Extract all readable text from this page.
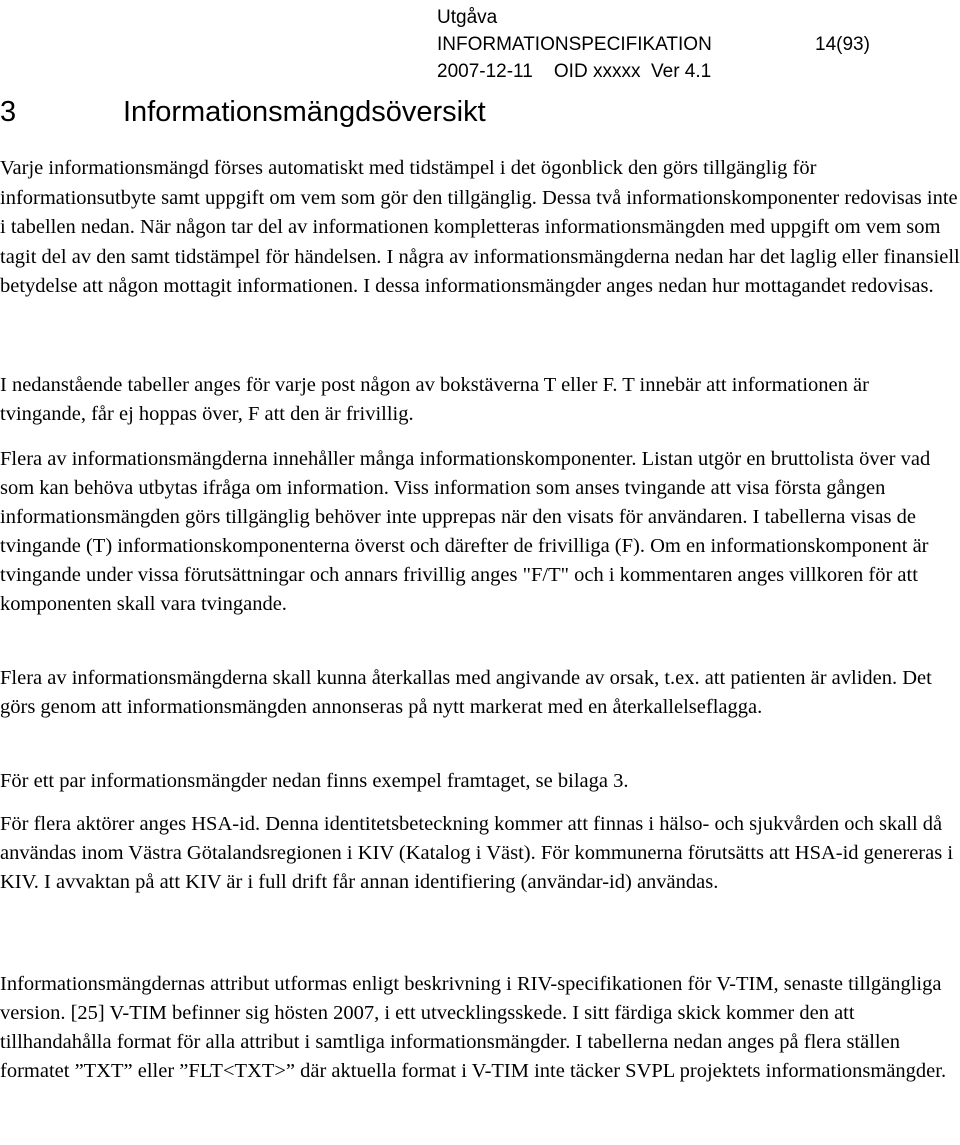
Utgåva
INFORMATIONSPECIFIKATION	14(93)
2007-12-11    OID xxxxx  Ver 4.1
3	Informationsmängdsöversikt

Varje informationsmängd förses automatiskt med tidstämpel i det ögonblick den görs tillgänglig för informationsutbyte samt uppgift om vem som gör den tillgänglig. Dessa två informationskomponenter redovisas inte i tabellen nedan. När någon tar del av informationen kompletteras informationsmängden med uppgift om vem som tagit del av den samt tidstämpel för händelsen. I några av informationsmängderna nedan har det laglig eller finansiell betydelse att någon mottagit informationen. I dessa informationsmängder anges nedan hur mottagandet redovisas.

I nedanstående tabeller anges för varje post någon av bokstäverna T eller F. T innebär att informationen är tvingande, får ej hoppas över, F att den är frivillig.

Flera av informationsmängderna innehåller många informationskomponenter. Listan utgör en bruttolista över vad som kan behöva utbytas ifråga om information. Viss information som anses tvingande att visa första gången informationsmängden görs tillgänglig behöver inte upprepas när den visats för användaren. I tabellerna visas de tvingande (T) informationskomponenterna överst och därefter de frivilliga (F). Om en informationskomponent är tvingande under vissa förutsättningar och annars frivillig anges "F/T" och i kommentaren anges villkoren för att komponenten skall vara tvingande.

Flera av informationsmängderna skall kunna återkallas med angivande av orsak, t.ex. att patienten är avliden. Det görs genom att informationsmängden annonseras på nytt markerat med en återkallelseflagga.

För ett par informationsmängder nedan finns exempel framtaget, se bilaga 3.

För flera aktörer anges HSA-id. Denna identitetsbeteckning kommer att finnas i hälso- och sjukvården och skall då användas inom Västra Götalandsregionen i KIV (Katalog i Väst). För kommunerna förutsätts att HSA-id genereras i KIV. I avvaktan på att KIV är i full drift får annan identifiering (användar-id) användas.

Informationsmängdernas attribut utformas enligt beskrivning i RIV-specifikationen för V-TIM, senaste tillgängliga version. [25] V-TIM befinner sig hösten 2007, i ett utvecklingsskede. I sitt färdiga skick kommer den att tillhandahålla format för alla attribut i samtliga informationsmängder. I tabellerna nedan anges på flera ställen formatet ”TXT” eller ”FLT<TXT>” där aktuella format i V-TIM inte täcker SVPL projektets informationsmängder.
